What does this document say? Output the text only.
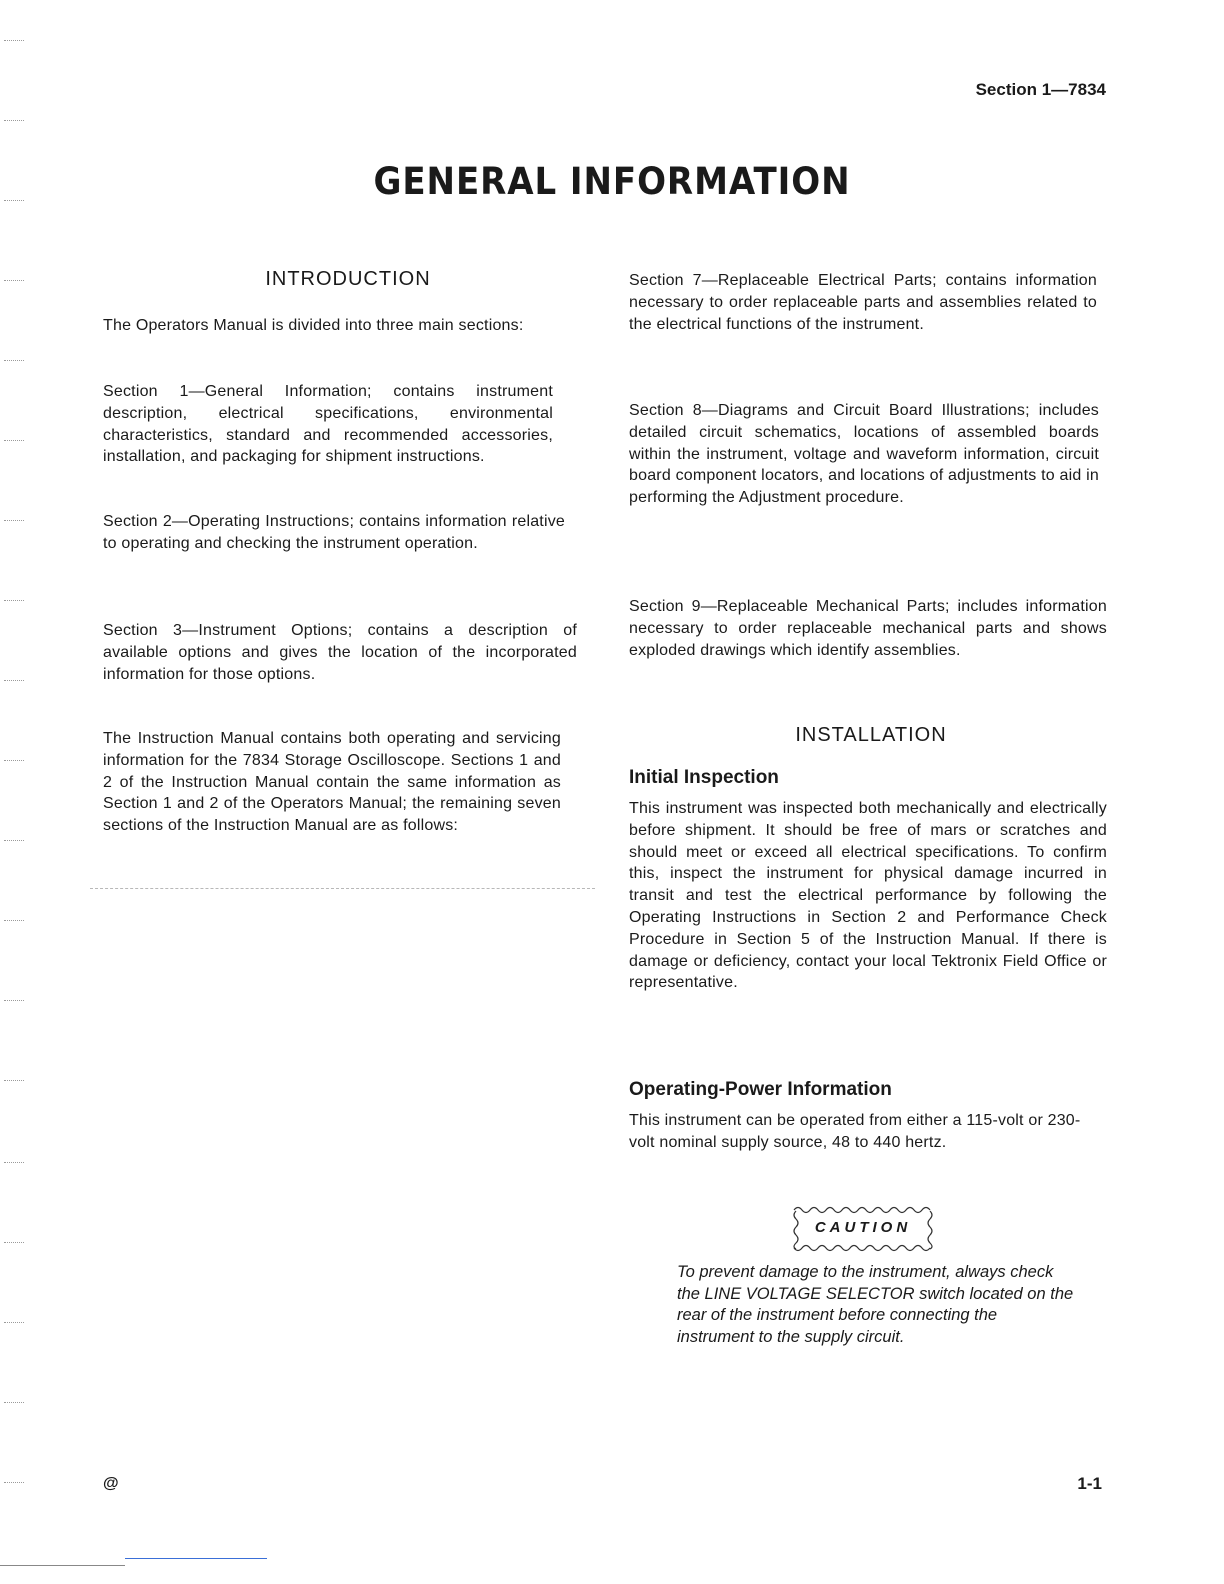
Section 1—7834
GENERAL INFORMATION
INTRODUCTION
The Operators Manual is divided into three main sections:
Section 1—General Information; contains instrument description, electrical specifications, environmental characteristics, standard and recommended accessories, installation, and packaging for shipment instructions.
Section 2—Operating Instructions; contains information relative to operating and checking the instrument operation.
Section 3—Instrument Options; contains a description of available options and gives the location of the incorporated information for those options.
The Instruction Manual contains both operating and servicing information for the 7834 Storage Oscilloscope. Sections 1 and 2 of the Instruction Manual contain the same information as Section 1 and 2 of the Operators Manual; the remaining seven sections of the Instruction Manual are as follows:
Section 7—Replaceable Electrical Parts; contains information necessary to order replaceable parts and assemblies related to the electrical functions of the instrument.
Section 8—Diagrams and Circuit Board Illustrations; includes detailed circuit schematics, locations of assembled boards within the instrument, voltage and waveform information, circuit board component locators, and locations of adjustments to aid in performing the Adjustment procedure.
Section 9—Replaceable Mechanical Parts; includes information necessary to order replaceable mechanical parts and shows exploded drawings which identify assemblies.
INSTALLATION
Initial Inspection
This instrument was inspected both mechanically and electrically before shipment. It should be free of mars or scratches and should meet or exceed all electrical specifications. To confirm this, inspect the instrument for physical damage incurred in transit and test the electrical performance by following the Operating Instructions in Section 2 and Performance Check Procedure in Section 5 of the Instruction Manual. If there is damage or deficiency, contact your local Tektronix Field Office or representative.
Operating-Power Information
This instrument can be operated from either a 115-volt or 230-volt nominal supply source, 48 to 440 hertz.
CAUTION
To prevent damage to the instrument, always check the LINE VOLTAGE SELECTOR switch located on the rear of the instrument before connecting the instrument to the supply circuit.
@	1-1
